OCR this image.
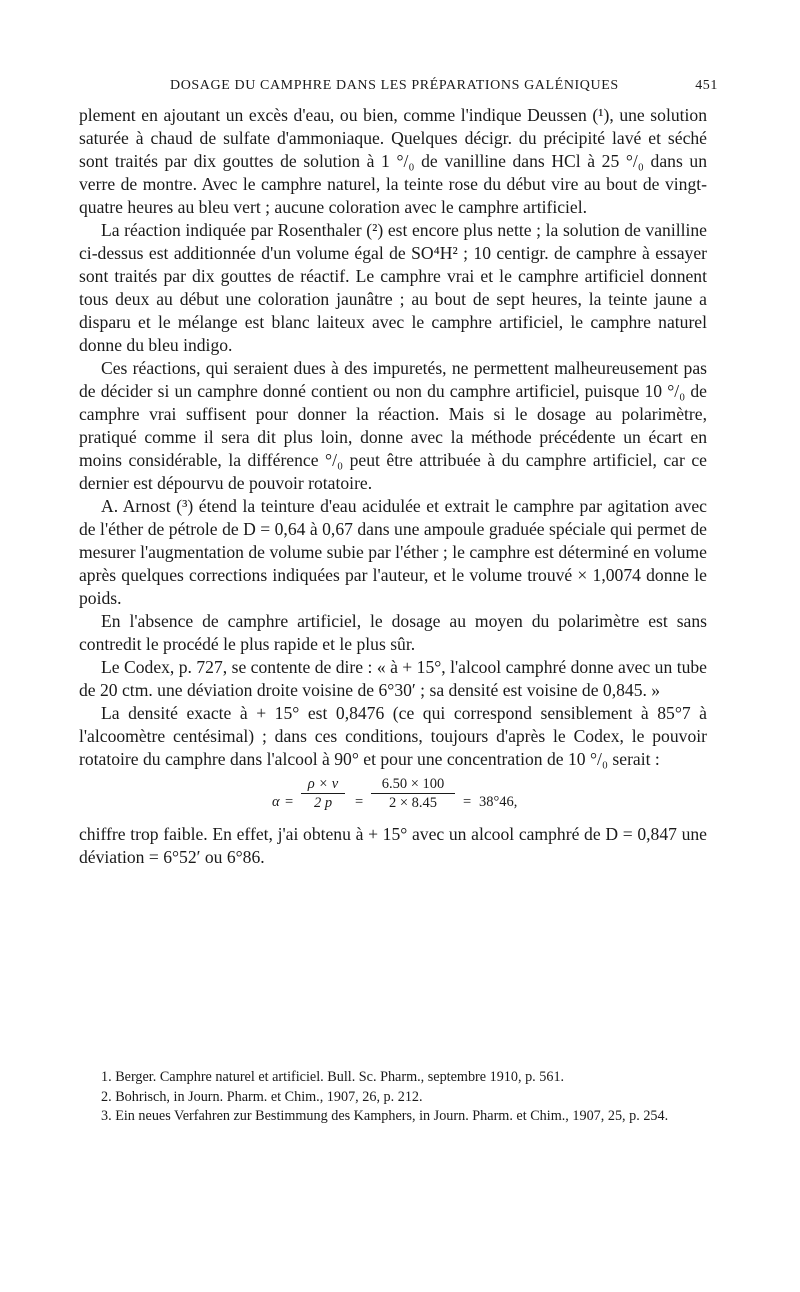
DOSAGE DU CAMPHRE DANS LES PRÉPARATIONS GALÉNIQUES	451

plement en ajoutant un excès d'eau, ou bien, comme l'indique Deussen (¹), une solution saturée à chaud de sulfate d'ammoniaque. Quelques décigr. du précipité lavé et séché sont traités par dix gouttes de solution à 1 °/₀ de vanilline dans HCl à 25 °/₀ dans un verre de montre. Avec le camphre naturel, la teinte rose du début vire au bout de vingt-quatre heures au bleu vert ; aucune coloration avec le camphre artificiel.

La réaction indiquée par Rosenthaler (²) est encore plus nette ; la solution de vanilline ci-dessus est additionnée d'un volume égal de SO⁴H² ; 10 centigr. de camphre à essayer sont traités par dix gouttes de réactif. Le camphre vrai et le camphre artificiel donnent tous deux au début une coloration jaunâtre ; au bout de sept heures, la teinte jaune a disparu et le mélange est blanc laiteux avec le camphre artificiel, le camphre naturel donne du bleu indigo.

Ces réactions, qui seraient dues à des impuretés, ne permettent malheureusement pas de décider si un camphre donné contient ou non du camphre artificiel, puisque 10 °/₀ de camphre vrai suffisent pour donner la réaction. Mais si le dosage au polarimètre, pratiqué comme il sera dit plus loin, donne avec la méthode précédente un écart en moins considérable, la différence °/₀ peut être attribuée à du camphre artificiel, car ce dernier est dépourvu de pouvoir rotatoire.

A. Arnost (³) étend la teinture d'eau acidulée et extrait le camphre par agitation avec de l'éther de pétrole de D = 0,64 à 0,67 dans une ampoule graduée spéciale qui permet de mesurer l'augmentation de volume subie par l'éther ; le camphre est déterminé en volume après quelques corrections indiquées par l'auteur, et le volume trouvé × 1,0074 donne le poids.

En l'absence de camphre artificiel, le dosage au moyen du polarimètre est sans contredit le procédé le plus rapide et le plus sûr.

Le Codex, p. 727, se contente de dire : « à + 15°, l'alcool camphré donne avec un tube de 20 ctm. une déviation droite voisine de 6°30′ ; sa densité est voisine de 0,845. »

La densité exacte à + 15° est 0,8476 (ce qui correspond sensiblement à 85°7 à l'alcoomètre centésimal) ; dans ces conditions, toujours d'après le Codex, le pouvoir rotatoire du camphre dans l'alcool à 90° et pour une concentration de 10 °/₀ serait :

$\alpha = \frac{\rho \times v}{2 p} = \frac{6.50 \times 100}{2 \times 8.45} = 38^\circ 46$,

chiffre trop faible. En effet, j'ai obtenu à + 15° avec un alcool camphré de D = 0,847 une déviation = 6°52′ ou 6°86.

1. Berger. Camphre naturel et artificiel. Bull. Sc. Pharm., septembre 1910, p. 561.

2. Bohrisch, in Journ. Pharm. et Chim., 1907, 26, p. 212.

3. Ein neues Verfahren zur Bestimmung des Kamphers, in Journ. Pharm. et Chim., 1907, 25, p. 254.
